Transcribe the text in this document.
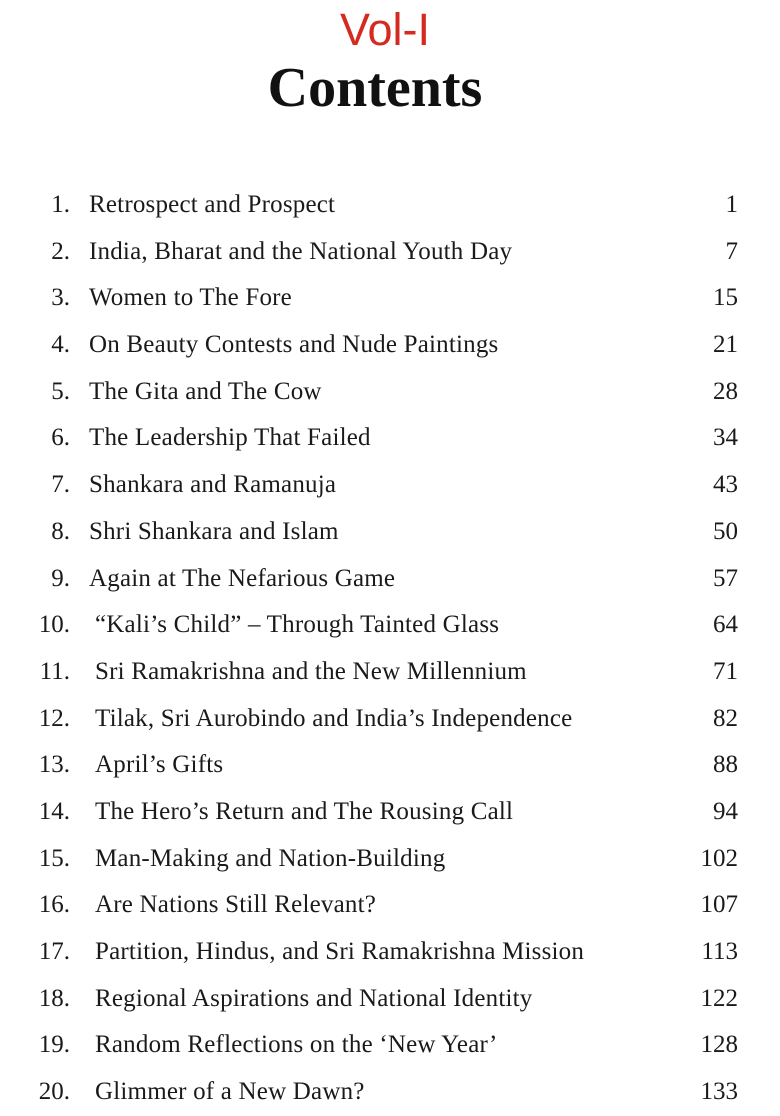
Vol-I
Contents
1. Retrospect and Prospect	1
2. India, Bharat and the National Youth Day	7
3. Women to The Fore	15
4. On Beauty Contests and Nude Paintings	21
5. The Gita and The Cow	28
6. The Leadership That Failed	34
7. Shankara and Ramanuja	43
8. Shri Shankara and Islam	50
9. Again at The Nefarious Game	57
10. “Kali’s Child” – Through Tainted Glass	64
11. Sri Ramakrishna and the New Millennium	71
12. Tilak, Sri Aurobindo and India’s Independence	82
13. April’s Gifts	88
14. The Hero’s Return and The Rousing Call	94
15. Man-Making and Nation-Building	102
16. Are Nations Still Relevant?	107
17. Partition, Hindus, and Sri Ramakrishna Mission	113
18. Regional Aspirations and National Identity	122
19. Random Reflections on the ‘New Year’	128
20. Glimmer of a New Dawn?	133
